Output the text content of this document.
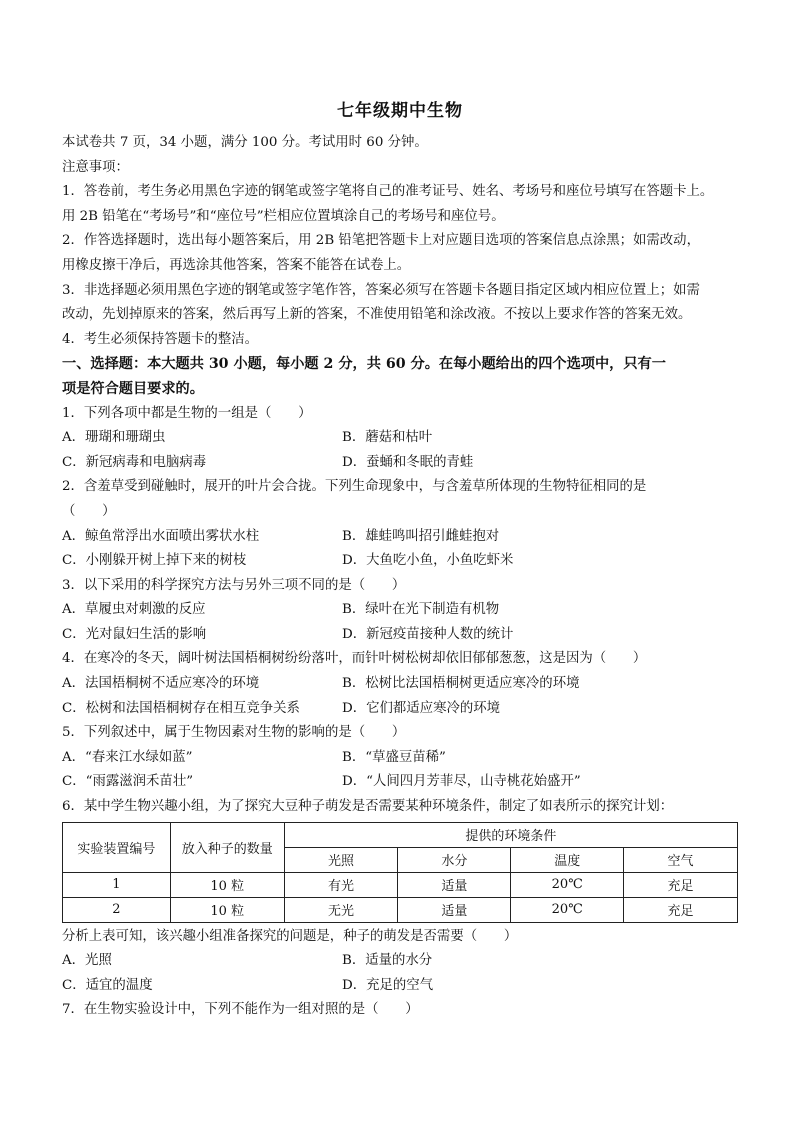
七年级期中生物
本试卷共 7 页，34 小题，满分 100 分。考试用时 60 分钟。
注意事项：
1．答卷前，考生务必用黑色字迹的钢笔或签字笔将自己的准考证号、姓名、考场号和座位号填写在答题卡上。
用 2B 铅笔在“考场号”和“座位号”栏相应位置填涂自己的考场号和座位号。
2．作答选择题时，选出每小题答案后，用 2B 铅笔把答题卡上对应题目选项的答案信息点涂黑；如需改动，
用橡皮擦干净后，再选涂其他答案，答案不能答在试卷上。
3．非选择题必须用黑色字迹的钢笔或签字笔作答，答案必须写在答题卡各题目指定区域内相应位置上；如需
改动，先划掉原来的答案，然后再写上新的答案，不准使用铅笔和涂改液。不按以上要求作答的答案无效。
4．考生必须保持答题卡的整洁。
一、选择题：本大题共 30 小题，每小题 2 分，共 60 分。在每小题给出的四个选项中，只有一
项是符合题目要求的。
1．下列各项中都是生物的一组是（　　）
A．珊瑚和珊瑚虫	B．蘑菇和枯叶
C．新冠病毒和电脑病毒	D．蚕蛹和冬眠的青蛙
2．含羞草受到碰触时，展开的叶片会合拢。下列生命现象中，与含羞草所体现的生物特征相同的是
（　　）
A．鲸鱼常浮出水面喷出雾状水柱	B．雄蛙鸣叫招引雌蛙抱对
C．小刚躲开树上掉下来的树枝	D．大鱼吃小鱼，小鱼吃虾米
3．以下采用的科学探究方法与另外三项不同的是（　　）
A．草履虫对刺激的反应	B．绿叶在光下制造有机物
C．光对鼠妇生活的影响	D．新冠疫苗接种人数的统计
4．在寒冷的冬天，阔叶树法国梧桐树纷纷落叶，而针叶树松树却依旧郁郁葱葱，这是因为（　　）
A．法国梧桐树不适应寒冷的环境	B．松树比法国梧桐树更适应寒冷的环境
C．松树和法国梧桐树存在相互竞争关系	D．它们都适应寒冷的环境
5．下列叙述中，属于生物因素对生物的影响的是（　　）
A．“春来江水绿如蓝”	B．“草盛豆苗稀”
C．“雨露滋润禾苗壮”	D．“人间四月芳菲尽，山寺桃花始盛开”
6．某中学生物兴趣小组，为了探究大豆种子萌发是否需要某种环境条件，制定了如表所示的探究计划：
实验装置编号	放入种子的数量	提供的环境条件			
		光照	水分	温度	空气
1	10 粒	有光	适量	20℃	充足
2	10 粒	无光	适量	20℃	充足
分析上表可知，该兴趣小组准备探究的问题是，种子的萌发是否需要（　　）
A．光照	B．适量的水分
C．适宜的温度	D．充足的空气
7．在生物实验设计中，下列不能作为一组对照的是（　　）
